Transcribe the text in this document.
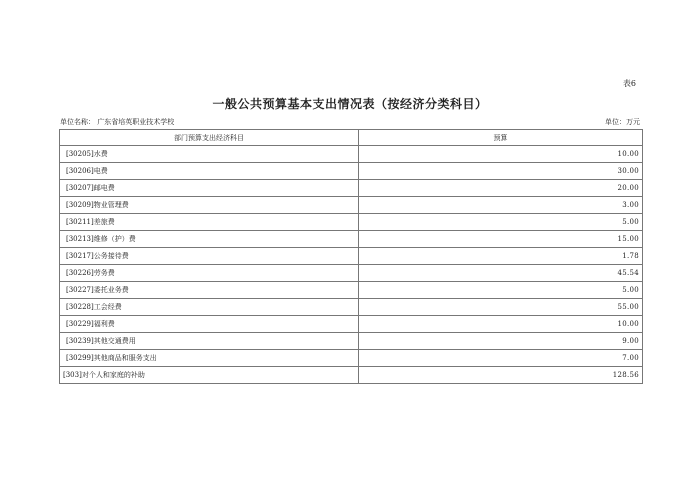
表6
一般公共预算基本支出情况表（按经济分类科目）
单位名称： 广东省培英职业技术学校	单位：万元
部门预算支出经济科目	预算
[30205]水费	10.00
[30206]电费	30.00
[30207]邮电费	20.00
[30209]物业管理费	3.00
[30211]差旅费	5.00
[30213]维修（护）费	15.00
[30217]公务接待费	1.78
[30226]劳务费	45.54
[30227]委托业务费	5.00
[30228]工会经费	55.00
[30229]福利费	10.00
[30239]其他交通费用	9.00
[30299]其他商品和服务支出	7.00
[303]对个人和家庭的补助	128.56
